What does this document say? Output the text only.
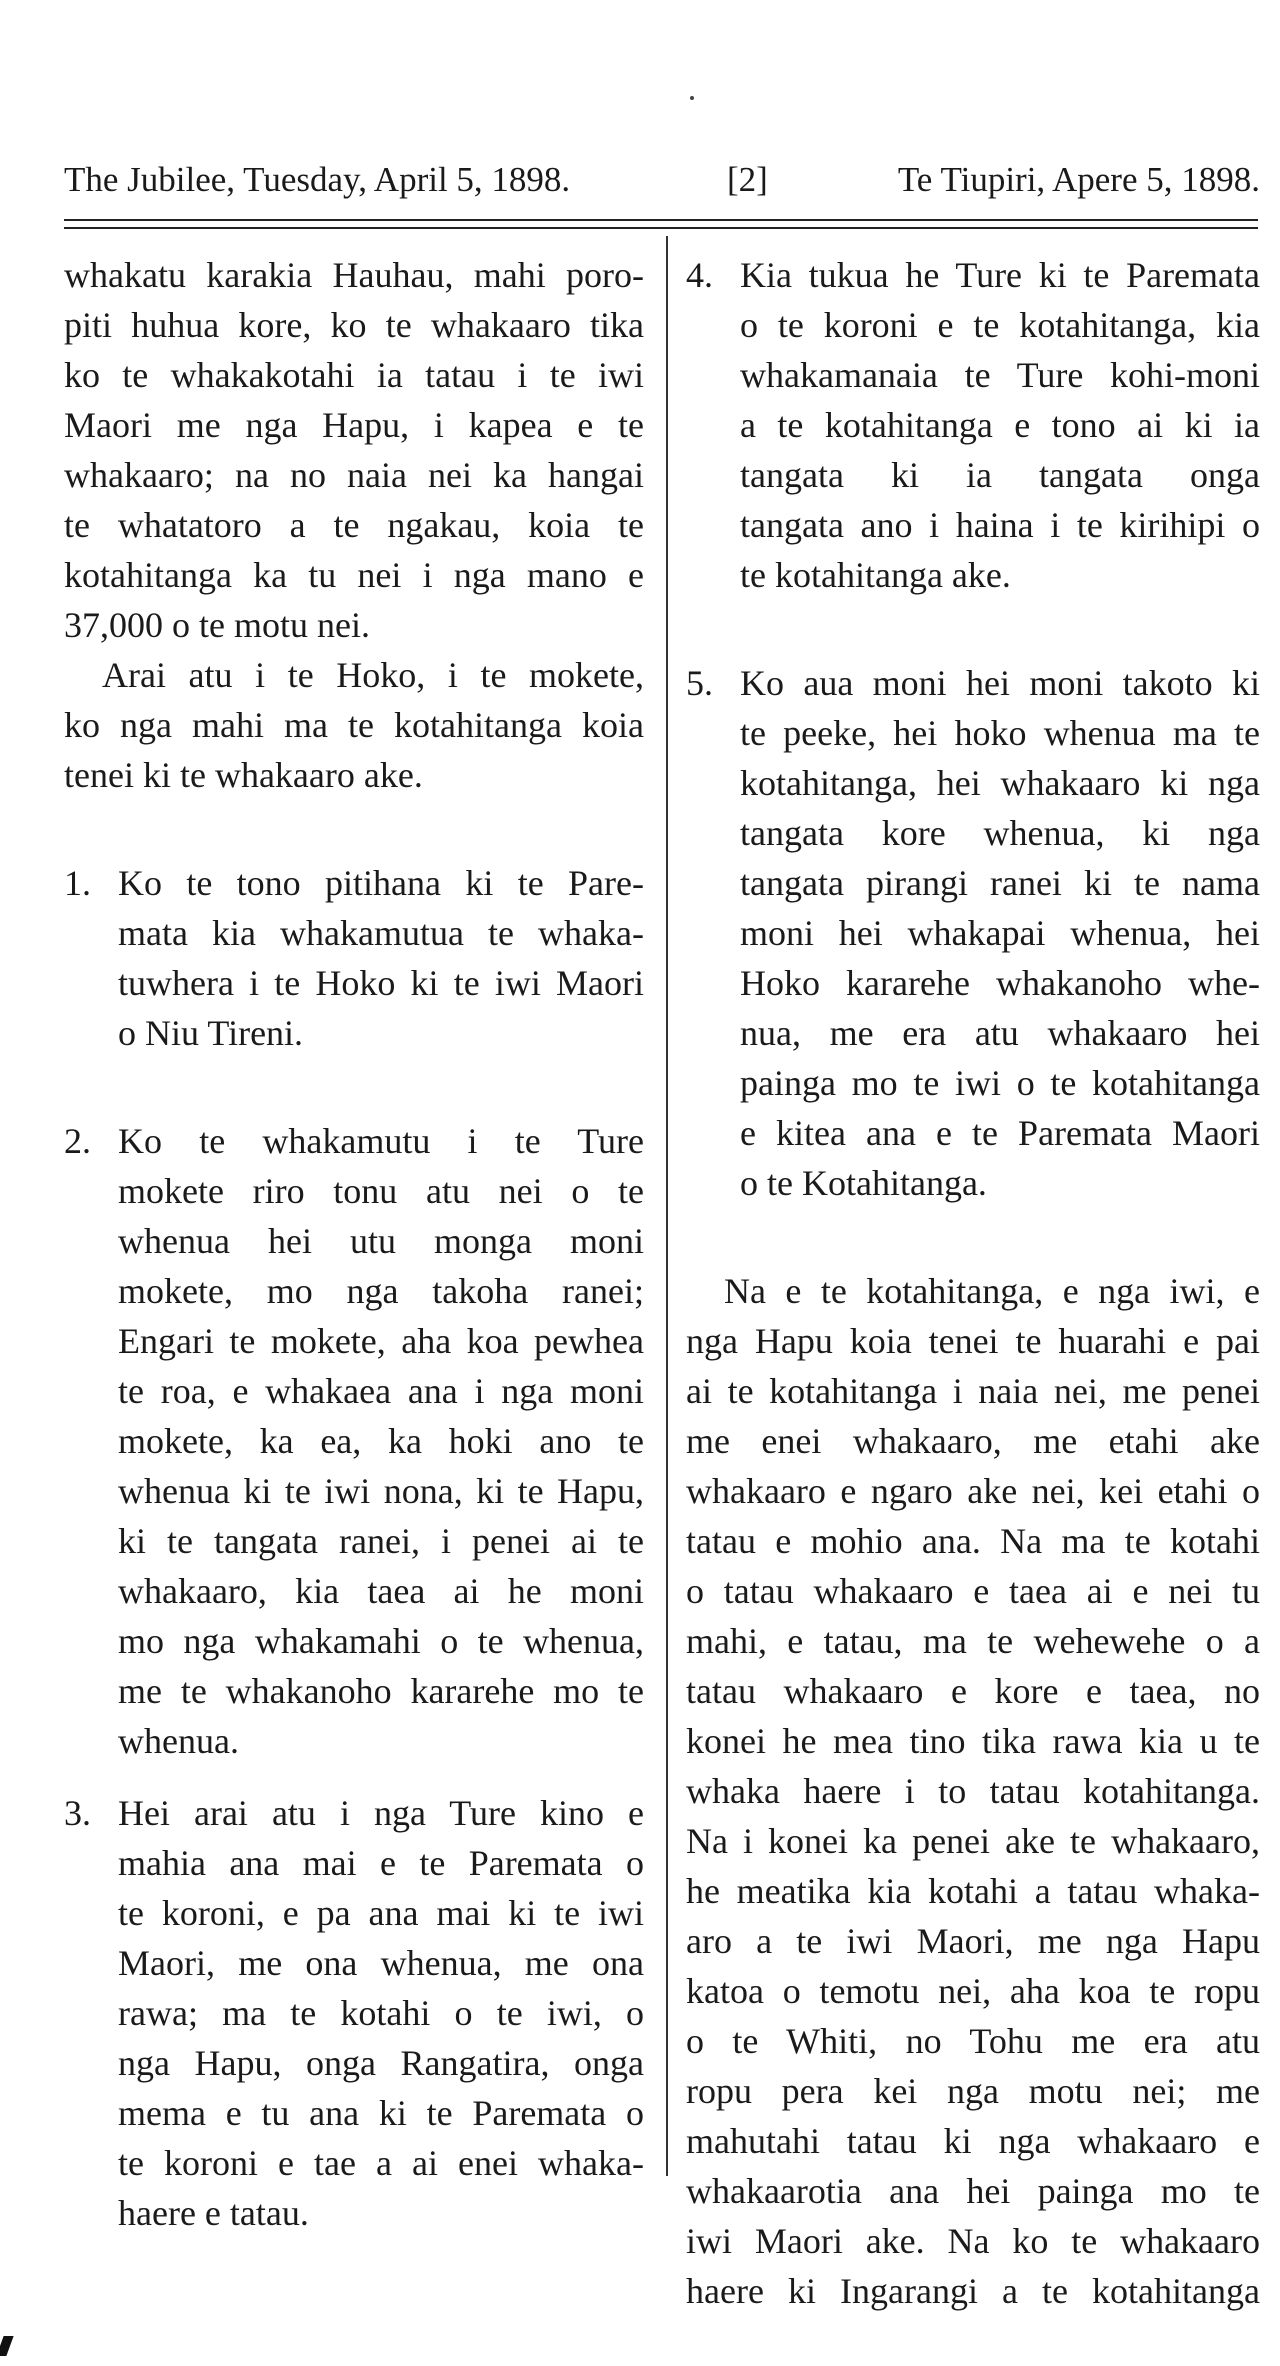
The Jubilee, Tuesday, April 5, 1898.	[2]	Te Tiupiri, Apere 5, 1898.
whakatu karakia Hauhau, mahi poro-
piti huhua kore, ko te whakaaro tika
ko te whakakotahi ia tatau i te iwi
Maori me nga Hapu, i kapea e te
whakaaro; na no naia nei ka hangai
te whatatoro a te ngakau, koia te
kotahitanga ka tu nei i nga mano e
37,000 o te motu nei.
Arai atu i te Hoko, i te mokete,
ko nga mahi ma te kotahitanga koia
tenei ki te whakaaro ake.
1. Ko te tono pitihana ki te Pare-
mata kia whakamutua te whaka-
tuwhera i te Hoko ki te iwi Maori
o Niu Tireni.
2. Ko te whakamutu i te Ture
mokete riro tonu atu nei o te
whenua hei utu monga moni
mokete, mo nga takoha ranei;
Engari te mokete, aha koa pewhea
te roa, e whakaea ana i nga moni
mokete, ka ea, ka hoki ano te
whenua ki te iwi nona, ki te Hapu,
ki te tangata ranei, i penei ai te
whakaaro, kia taea ai he moni
mo nga whakamahi o te whenua,
me te whakanoho kararehe mo te
whenua.
3. Hei arai atu i nga Ture kino e
mahia ana mai e te Paremata o
te koroni, e pa ana mai ki te iwi
Maori, me ona whenua, me ona
rawa; ma te kotahi o te iwi, o
nga Hapu, onga Rangatira, onga
mema e tu ana ki te Paremata o
te koroni e tae a ai enei whaka-
haere e tatau.
4. Kia tukua he Ture ki te Paremata
o te koroni e te kotahitanga, kia
whakamanaia te Ture kohi-moni
a te kotahitanga e tono ai ki ia
tangata ki ia tangata onga
tangata ano i haina i te kirihipi o
te kotahitanga ake.
5. Ko aua moni hei moni takoto ki
te peeke, hei hoko whenua ma te
kotahitanga, hei whakaaro ki nga
tangata kore whenua, ki nga
tangata pirangi ranei ki te nama
moni hei whakapai whenua, hei
Hoko kararehe whakanoho whe-
nua, me era atu whakaaro hei
painga mo te iwi o te kotahitanga
e kitea ana e te Paremata Maori
o te Kotahitanga.
Na e te kotahitanga, e nga iwi, e
nga Hapu koia tenei te huarahi e pai
ai te kotahitanga i naia nei, me penei
me enei whakaaro, me etahi ake
whakaaro e ngaro ake nei, kei etahi o
tatau e mohio ana. Na ma te kotahi
o tatau whakaaro e taea ai e nei tu
mahi, e tatau, ma te wehewehe o a
tatau whakaaro e kore e taea, no
konei he mea tino tika rawa kia u te
whaka haere i to tatau kotahitanga.
Na i konei ka penei ake te whakaaro,
he meatika kia kotahi a tatau whaka-
aro a te iwi Maori, me nga Hapu
katoa o temotu nei, aha koa te ropu
o te Whiti, no Tohu me era atu
ropu pera kei nga motu nei; me
mahutahi tatau ki nga whakaaro e
whakaarotia ana hei painga mo te
iwi Maori ake. Na ko te whakaaro
haere ki Ingarangi a te kotahitanga
